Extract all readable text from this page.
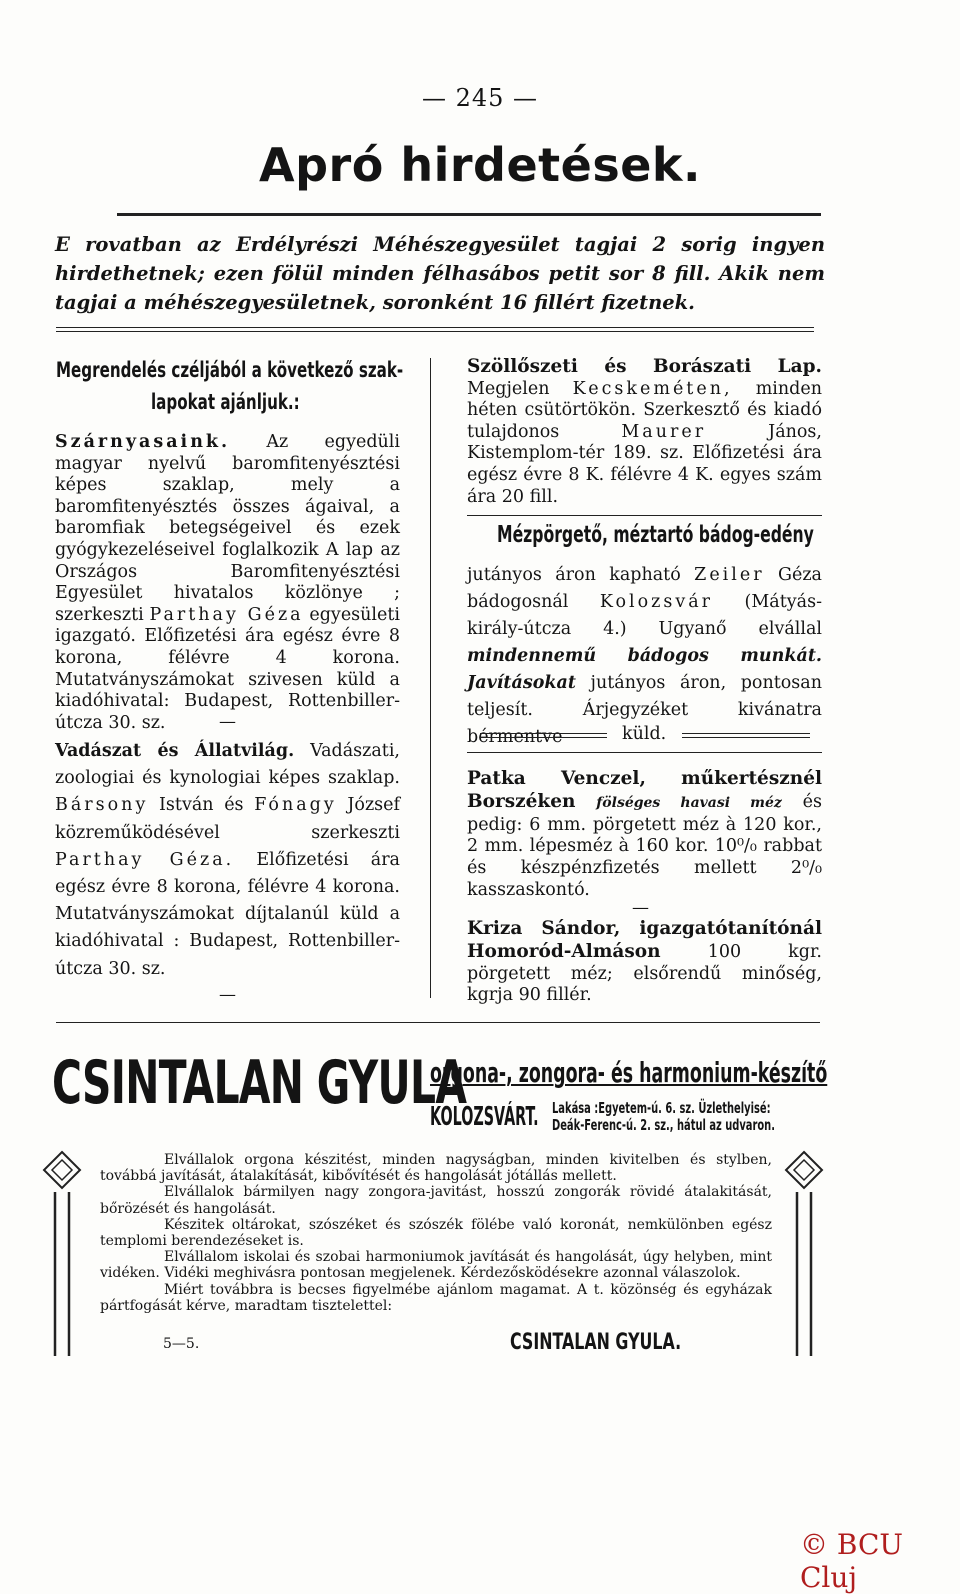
— 245 —
Apró hirdetések.
E rovatban az Erdélyrészi Méhészegyesület tagjai 2 sorig ingyen hirdethetnek; ezen fölül minden félhasábos petit sor 8 fill. Akik nem tagjai a méhészegyesületnek, soronként 16 fillért fizetnek.
Megrendelés czéljából a következő szak-
lapokat ajánljuk.:
Szárnyasaink. Az egyedüli magyar nyelvű baromfitenyésztési képes szaklap, mely a baromfitenyésztés összes ágaival, a baromfiak betegségeivel és ezek gyógykezeléseivel foglalkozik A lap az Országos Baromfitenyésztési Egyesület hivatalos közlönye ; szerkeszti Parthay Géza egyesületi igazgató. Előfizetési ára egész évre 8 korona, félévre 4 korona. Mutatványszámokat szivesen küld a kiadóhivatal: Budapest, Rottenbiller-útcza 30. sz.	—
Vadászat és Állatvilág. Vadászati, zoologiai és kynologiai képes szaklap. Bársony István és Fónagy József közreműködésével szerkeszti Parthay Géza. Előfizetési ára egész évre 8 korona, félévre 4 korona. Mutatványszámokat díjtalanúl küld a kiadóhivatal : Budapest, Rottenbiller-útcza 30. sz.
—
Szöllőszeti és Borászati Lap. Megjelen Kecskeméten, minden héten csütörtökön. Szerkesztő és kiadó tulajdonos Maurer János, Kistemplom-tér 189. sz. Előfizetési ára egész évre 8 K. félévre 4 K. egyes szám ára 20 fill.
Mézpörgető, méztartó bádog-edény
jutányos áron kapható Zeiler Géza bádogosnál Kolozsvár (Mátyás-király-útcza 4.) Ugyanő elvállal mindennemű bádogos munkát. Javításokat jutányos áron, pontosan teljesít. Árjegyzéket kivánatra bérmentve	küld.
Patka Venczel, műkertésznél Borszéken fölséges havasi méz és pedig: 6 mm. pörgetett méz à 120 kor., 2 mm. lépesméz à 160 kor. 10⁰/₀ rabbat és készpénzfizetés mellett 2⁰/₀ kasszaskontó.
—
Kriza Sándor, igazgatótanítónál Homoród-Almáson 100 kgr. pörgetett méz; elsőrendű minőség, kgrja 90 fillér.
CSINTALAN GYULA
orgona-, zongora- és harmonium-készítő
KOLOZSVÁRT. Lakása :Egyetem-ú. 6. sz. Üzlethelyisé:
Deák-Ferenc-ú. 2. sz., hátul az udvaron.

Elvállalok orgona készitést, minden nagyságban, minden kivitelben és stylben, továbbá javítását, átalakítását, kibővítését és hangolását jótállás mellett.

Elvállalok bármilyen nagy zongora-javitást, hosszú zongorák rövidé átalakitását, bőrözését és hangolását.

Készitek oltárokat, szószéket és szószék fölébe való koronát, nemkülönben egész templomi berendezéseket is.

Elvállalom iskolai és szobai harmoniumok javítását és hangolását, úgy helyben, mint vidéken. Vidéki meghivásra pontosan megjelenek. Kérdezősködésekre azonnal válaszolok.

Miért továbbra is becses figyelmébe ajánlom magamat. A t. közönség és egyházak pártfogását kérve, maradtam tisztelettel:

5—5.	CSINTALAN GYULA.
© BCU Cluj
